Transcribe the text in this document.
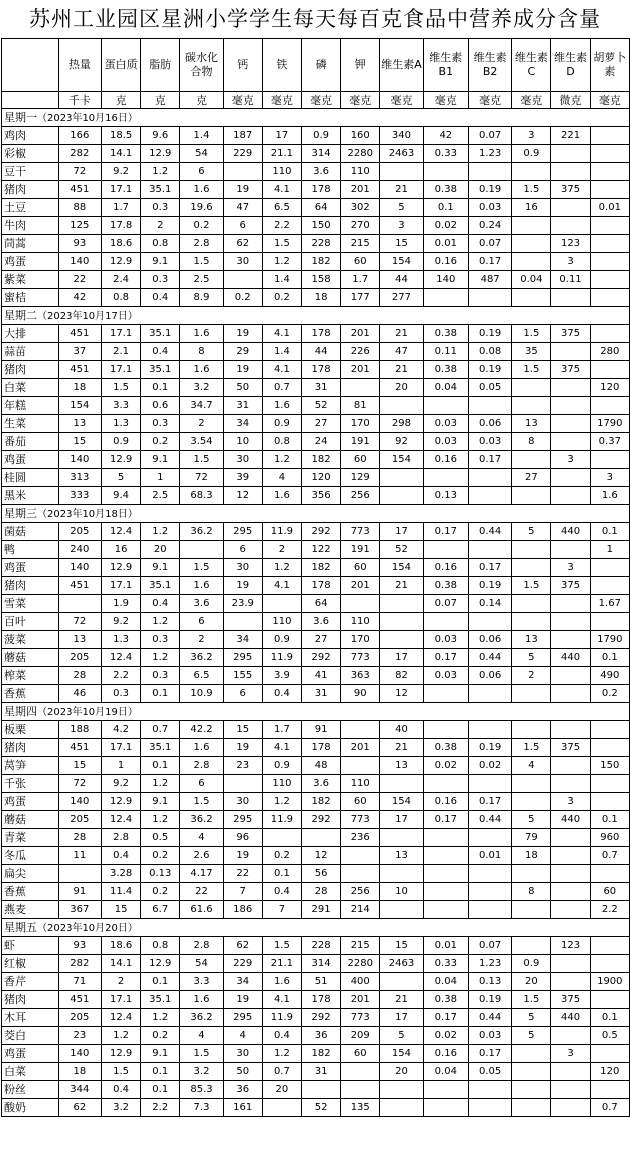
苏州工业园区星洲小学学生每天每百克食品中营养成分含量
	热量	蛋白质	脂肪	碳水化合物	钙	铁	磷	钾	维生素A	维生素B1	维生素B2	维生素C	维生素D	胡萝卜素
	千卡	克	克	克	毫克	毫克	毫克	毫克	毫克	毫克	毫克	毫克	微克	毫克
星期一（2023年10月16日）														
鸡肉	166	18.5	9.6	1.4	187	17	0.9	160	340	42	0.07	3	221	
彩椒	282	14.1	12.9	54	229	21.1	314	2280	2463	0.33	1.23	0.9		
豆干	72	9.2	1.2	6		110	3.6	110						
猪肉	451	17.1	35.1	1.6	19	4.1	178	201	21	0.38	0.19	1.5	375	
土豆	88	1.7	0.3	19.6	47	6.5	64	302	5	0.1	0.03	16		0.01
牛肉	125	17.8	2	0.2	6	2.2	150	270	3	0.02	0.24			
茼蒿	93	18.6	0.8	2.8	62	1.5	228	215	15	0.01	0.07		123	
鸡蛋	140	12.9	9.1	1.5	30	1.2	182	60	154	0.16	0.17		3	
紫菜	22	2.4	0.3	2.5		1.4	158	1.7	44	140	487	0.04	0.11	
蜜桔	42	0.8	0.4	8.9	0.2	0.2	18	177	277					
星期二（2023年10月17日）														
大排	451	17.1	35.1	1.6	19	4.1	178	201	21	0.38	0.19	1.5	375	
蒜苗	37	2.1	0.4	8	29	1.4	44	226	47	0.11	0.08	35		280
猪肉	451	17.1	35.1	1.6	19	4.1	178	201	21	0.38	0.19	1.5	375	
白菜	18	1.5	0.1	3.2	50	0.7	31		20	0.04	0.05			120
年糕	154	3.3	0.6	34.7	31	1.6	52	81						
生菜	13	1.3	0.3	2	34	0.9	27	170	298	0.03	0.06	13		1790
番茄	15	0.9	0.2	3.54	10	0.8	24	191	92	0.03	0.03	8		0.37
鸡蛋	140	12.9	9.1	1.5	30	1.2	182	60	154	0.16	0.17		3	
桂圆	313	5	1	72	39	4	120	129				27		3
黑米	333	9.4	2.5	68.3	12	1.6	356	256		0.13				1.6
星期三（2023年10月18日）														
菌菇	205	12.4	1.2	36.2	295	11.9	292	773	17	0.17	0.44	5	440	0.1
鸭	240	16	20		6	2	122	191	52					1
鸡蛋	140	12.9	9.1	1.5	30	1.2	182	60	154	0.16	0.17		3	
猪肉	451	17.1	35.1	1.6	19	4.1	178	201	21	0.38	0.19	1.5	375	
雪菜		1.9	0.4	3.6	23.9		64			0.07	0.14			1.67
百叶	72	9.2	1.2	6		110	3.6	110						
菠菜	13	1.3	0.3	2	34	0.9	27	170		0.03	0.06	13		1790
蘑菇	205	12.4	1.2	36.2	295	11.9	292	773	17	0.17	0.44	5	440	0.1
榨菜	28	2.2	0.3	6.5	155	3.9	41	363	82	0.03	0.06	2		490
香蕉	46	0.3	0.1	10.9	6	0.4	31	90	12					0.2
星期四（2023年10月19日）														
板栗	188	4.2	0.7	42.2	15	1.7	91		40					
猪肉	451	17.1	35.1	1.6	19	4.1	178	201	21	0.38	0.19	1.5	375	
莴笋	15	1	0.1	2.8	23	0.9	48		13	0.02	0.02	4		150
千张	72	9.2	1.2	6		110	3.6	110						
鸡蛋	140	12.9	9.1	1.5	30	1.2	182	60	154	0.16	0.17		3	
蘑菇	205	12.4	1.2	36.2	295	11.9	292	773	17	0.17	0.44	5	440	0.1
青菜	28	2.8	0.5	4	96			236				79		960
冬瓜	11	0.4	0.2	2.6	19	0.2	12		13		0.01	18		0.7
扁尖		3.28	0.13	4.17	22	0.1	56							
香蕉	91	11.4	0.2	22	7	0.4	28	256	10			8		60
燕麦	367	15	6.7	61.6	186	7	291	214						2.2
星期五（2023年10月20日）														
虾	93	18.6	0.8	2.8	62	1.5	228	215	15	0.01	0.07		123	
红椒	282	14.1	12.9	54	229	21.1	314	2280	2463	0.33	1.23	0.9		
香芹	71	2	0.1	3.3	34	1.6	51	400		0.04	0.13	20		1900
猪肉	451	17.1	35.1	1.6	19	4.1	178	201	21	0.38	0.19	1.5	375	
木耳	205	12.4	1.2	36.2	295	11.9	292	773	17	0.17	0.44	5	440	0.1
茭白	23	1.2	0.2	4	4	0.4	36	209	5	0.02	0.03	5		0.5
鸡蛋	140	12.9	9.1	1.5	30	1.2	182	60	154	0.16	0.17		3	
白菜	18	1.5	0.1	3.2	50	0.7	31		20	0.04	0.05			120
粉丝	344	0.4	0.1	85.3	36	20								
酸奶	62	3.2	2.2	7.3	161		52	135						0.7
